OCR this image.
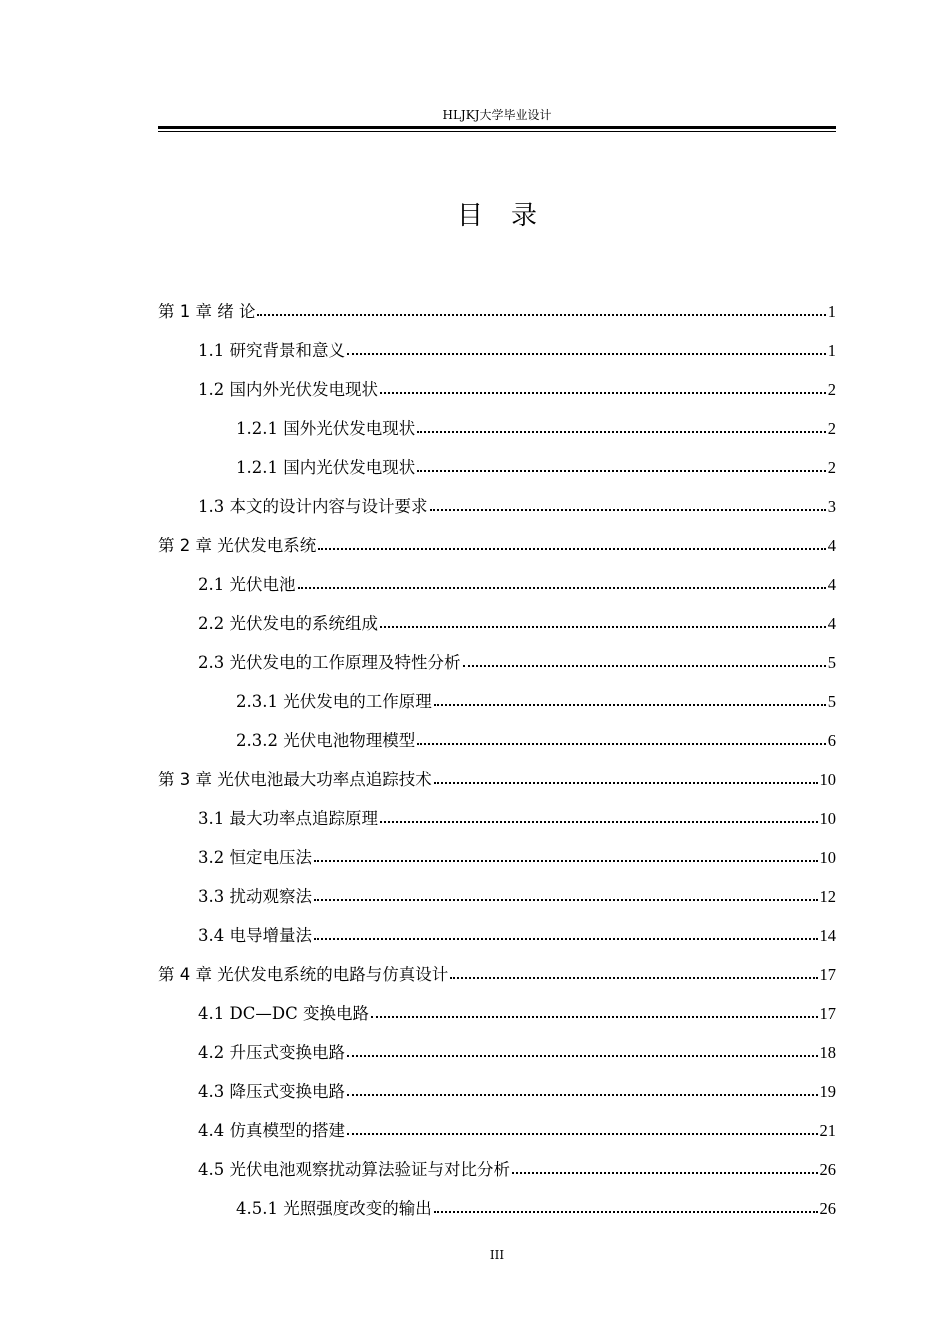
HLJKJ大学毕业设计
目录
第 1 章 绪 论	1
1.1 研究背景和意义	1
1.2 国内外光伏发电现状	2
1.2.1 国外光伏发电现状	2
1.2.1 国内光伏发电现状	2
1.3 本文的设计内容与设计要求	3
第 2 章 光伏发电系统	4
2.1 光伏电池	4
2.2 光伏发电的系统组成	4
2.3 光伏发电的工作原理及特性分析	5
2.3.1 光伏发电的工作原理	5
2.3.2 光伏电池物理模型	6
第 3 章 光伏电池最大功率点追踪技术	10
3.1 最大功率点追踪原理	10
3.2 恒定电压法	10
3.3 扰动观察法	12
3.4 电导增量法	14
第 4 章 光伏发电系统的电路与仿真设计	17
4.1 DC—DC 变换电路	17
4.2 升压式变换电路	18
4.3 降压式变换电路	19
4.4 仿真模型的搭建	21
4.5 光伏电池观察扰动算法验证与对比分析	26
4.5.1 光照强度改变的输出	26
III
